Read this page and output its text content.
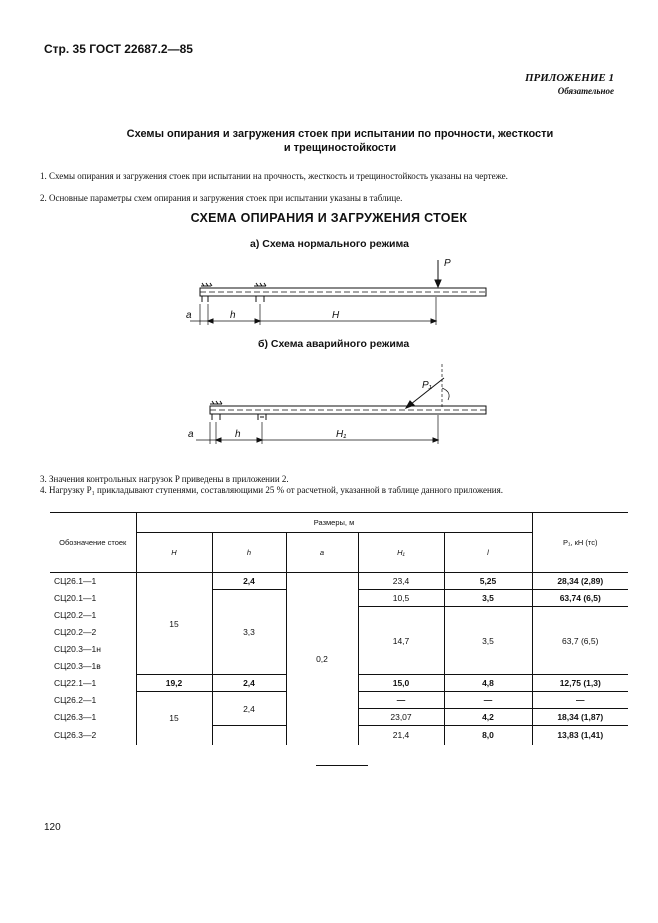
Стр. 35 ГОСТ 22687.2—85
ПРИЛОЖЕНИЕ 1
Обязательное
Схемы опирания и загружения стоек при испытании по прочности, жесткости
и трещиностойкости
1. Схемы опирания и загружения стоек при испытании на прочность, жесткость и трещиностойкость указаны на чертеже.
2. Основные параметры схем опирания и загружения стоек при испытании указаны в таблице.
СХЕМА ОПИРАНИЯ И ЗАГРУЖЕНИЯ СТОЕК
а) Схема нормального режима
a	h	H
P
б) Схема аварийного режима
a	h	H₁
P₁
3. Значения контрольных нагрузок P приведены в приложении 2.
4. Нагрузку P₁ прикладывают ступенями, составляющими 25 % от расчетной, указанной в таблице данного приложения.
Обозначение стоек	Размеры, м					P₁, кН (тс)
	H	h	a	H₁	l	
СЦ26.1—1	15	2,4	0,2	23,4	5,25	28,34 (2,89)
СЦ20.1—1		3,3		10,5	3,5	63,74 (6,5)
СЦ20.2—1				14,7	3,5	63,7 (6,5)
СЦ20.2—2						
СЦ20.3—1н						
СЦ20.3—1в						
СЦ22.1—1	19,2	2,4		15,0	4,8	12,75 (1,3)
СЦ26.2—1	15	2,4		—	—	—
СЦ26.3—1				23,07	4,2	18,34 (1,87)
СЦ26.3—2				21,4	8,0	13,83 (1,41)
120
